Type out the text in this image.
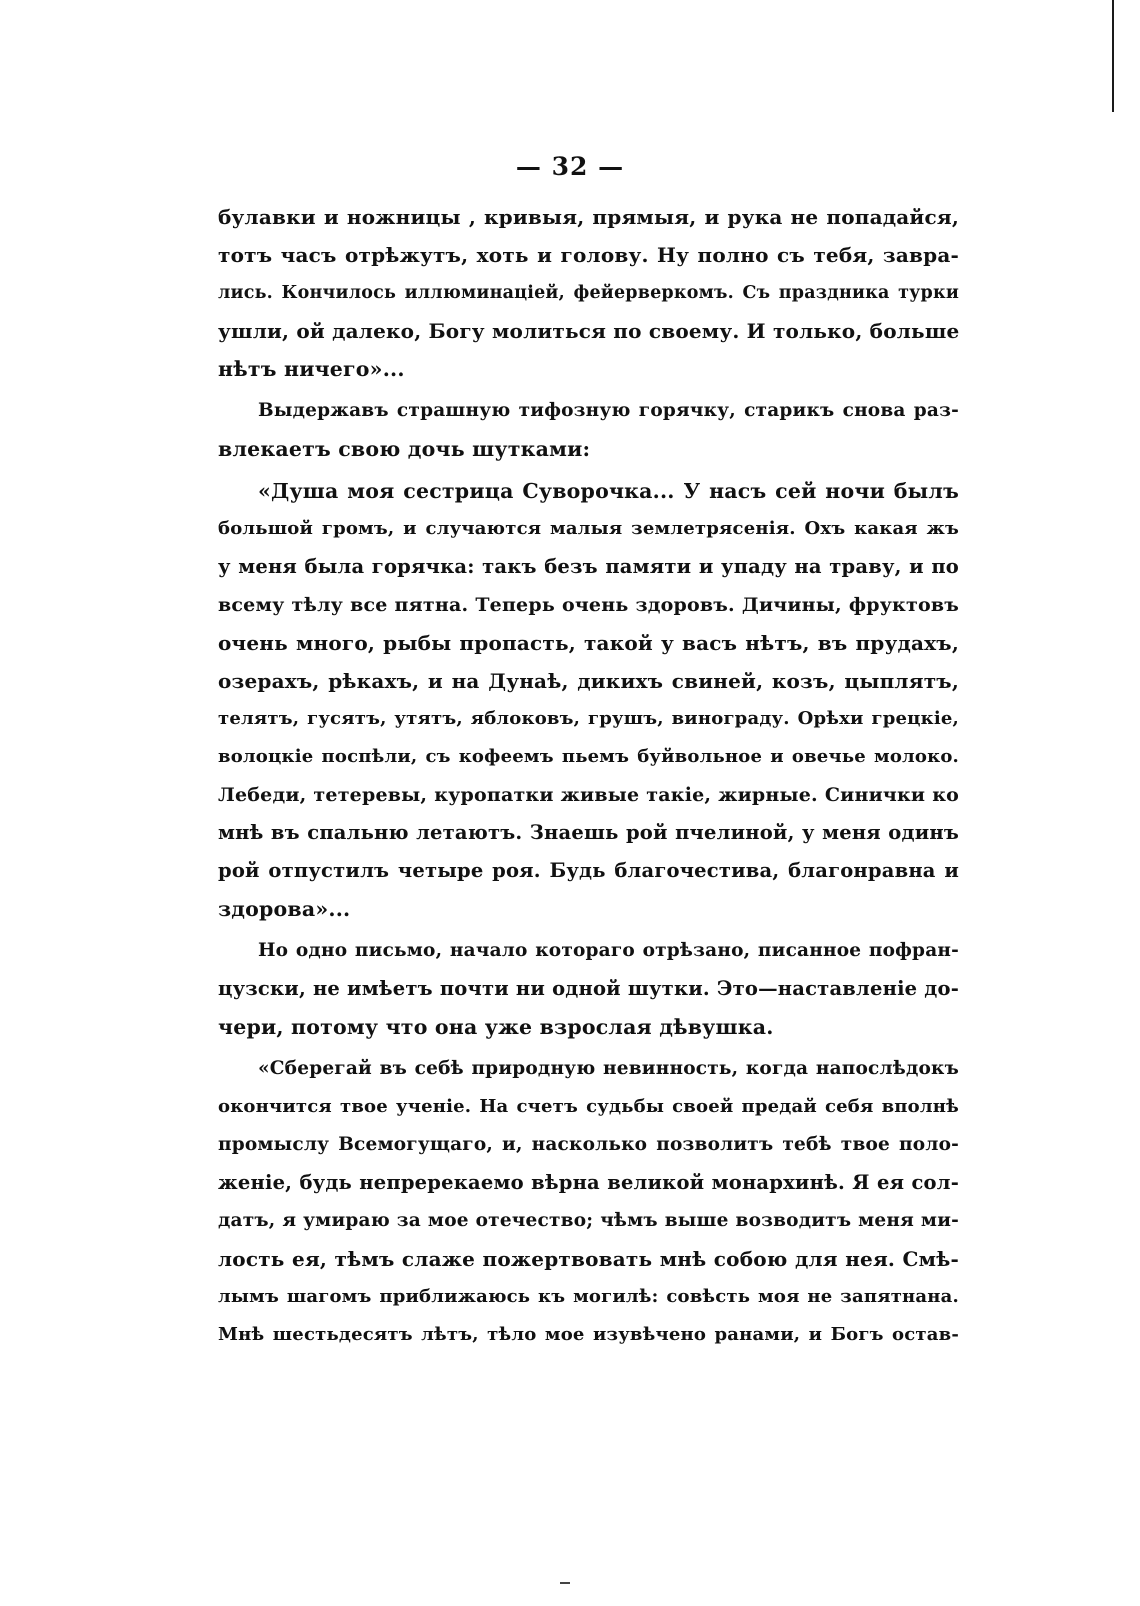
— 32 —
булавки и ножницы , кривыя, прямыя, и рука не попадайся,
тотъ часъ отрѣжутъ, хоть и голову. Ну полно съ тебя, завра-
лись. Кончилось иллюминаціей, фейерверкомъ. Съ праздника турки
ушли, ой далеко, Богу молиться по своему. И только, больше
нѣтъ ничего»...
Выдержавъ страшную тифозную горячку, старикъ снова раз-
влекаетъ свою дочь шутками:
«Душа моя сестрица Суворочка... У насъ сей ночи былъ
большой громъ, и случаются малыя землетрясенія. Охъ какая жъ
у меня была горячка: такъ безъ памяти и упаду на траву, и по
всему тѣлу все пятна. Теперь очень здоровъ. Дичины, фруктовъ
очень много, рыбы пропасть, такой у васъ нѣтъ, въ прудахъ,
озерахъ, рѣкахъ, и на Дунаѣ, дикихъ свиней, козъ, цыплятъ,
телятъ, гусятъ, утятъ, яблоковъ, грушъ, винограду. Орѣхи грецкіе,
волоцкіе поспѣли, съ кофеемъ пьемъ буйвольное и овечье молоко.
Лебеди, тетеревы, куропатки живые такіе, жирные. Синички ко
мнѣ въ спальню летаютъ. Знаешь рой пчелиной, у меня одинъ
рой отпустилъ четыре роя. Будь благочестива, благонравна и
здорова»...
Но одно письмо, начало котораго отрѣзано, писанное пофран-
цузски, не имѣетъ почти ни одной шутки. Это—наставленіе до-
чери, потому что она уже взрослая дѣвушка.
«Сберегай въ себѣ природную невинность, когда напослѣдокъ
окончится твое ученіе. На счетъ судьбы своей предай себя вполнѣ
промыслу Всемогущаго, и, насколько позволитъ тебѣ твое поло-
женіе, будь непререкаемо вѣрна великой монархинѣ. Я ея сол-
датъ, я умираю за мое отечество; чѣмъ выше возводитъ меня ми-
лость ея, тѣмъ слаже пожертвовать мнѣ собою для нея. Смѣ-
лымъ шагомъ приближаюсь къ могилѣ: совѣсть моя не запятнана.
Мнѣ шестьдесятъ лѣтъ, тѣло мое изувѣчено ранами, и Богъ остав-
